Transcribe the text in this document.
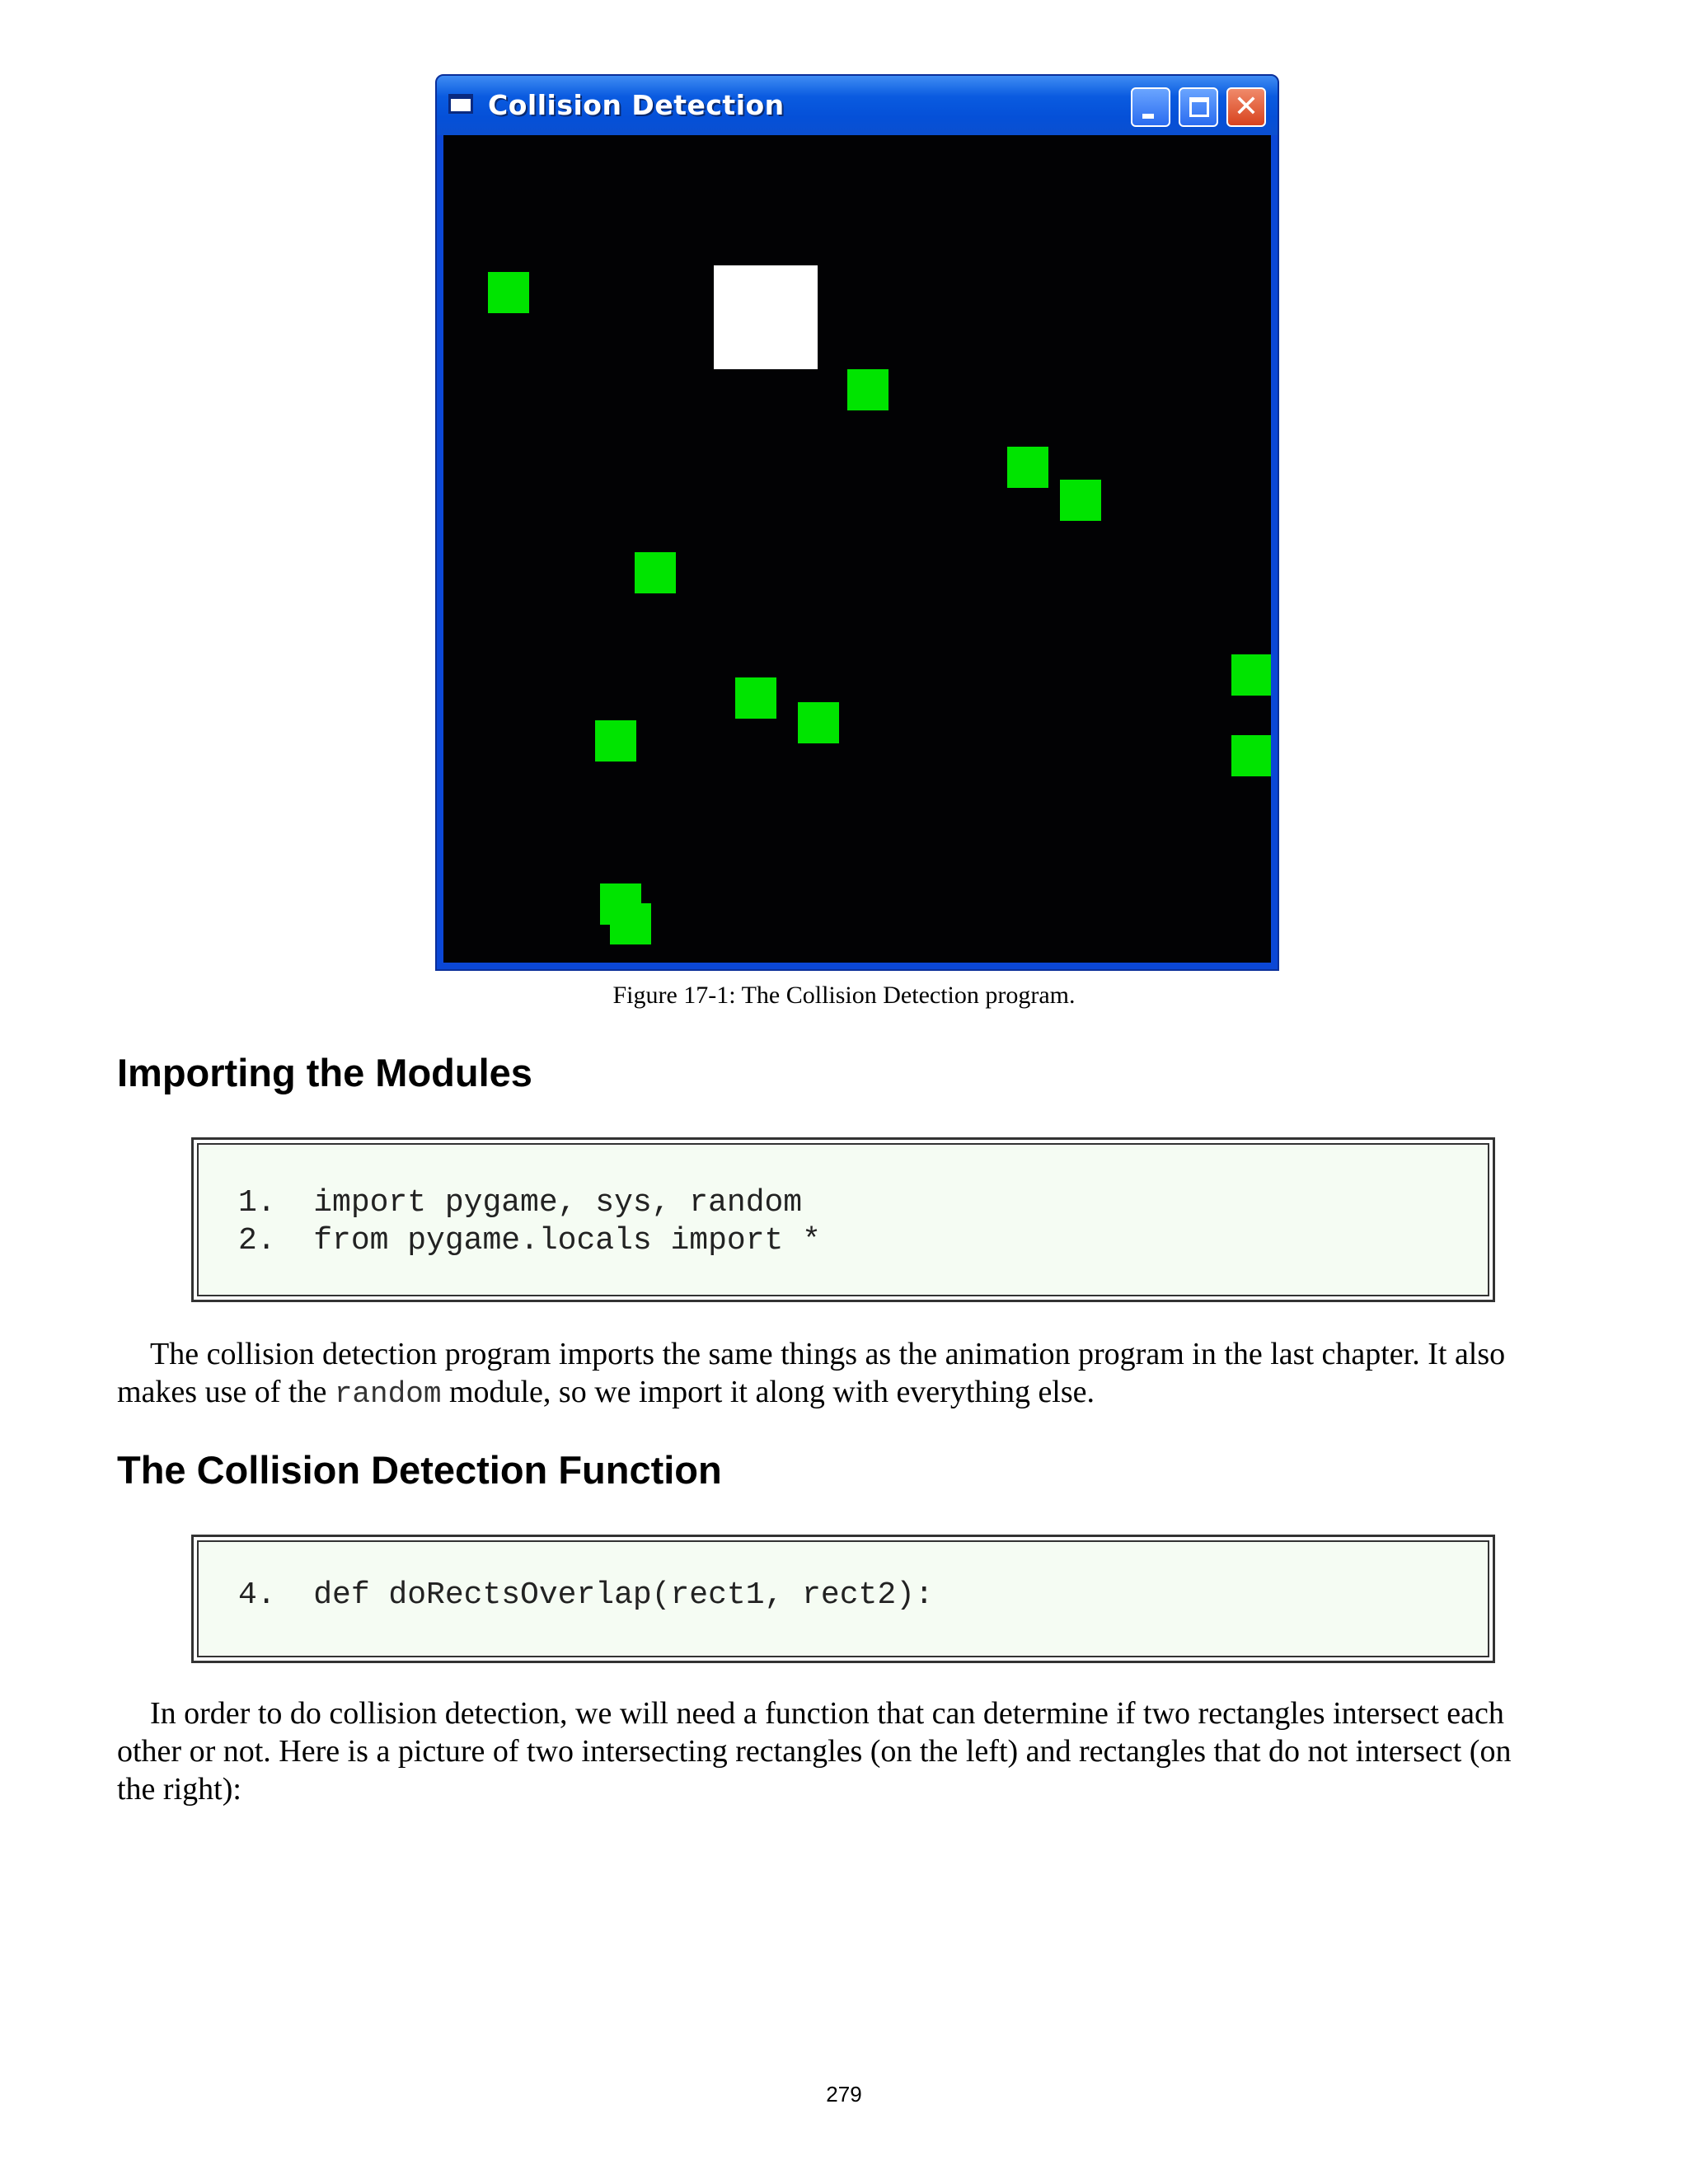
Collision Detection	✕
Figure 17-1: The Collision Detection program.
Importing the Modules
1.  import pygame, sys, random
2.  from pygame.locals import *

The collision detection program imports the same things as the animation program in the last chapter. It also makes use of the random module, so we import it along with everything else.

The Collision Detection Function
4.  def doRectsOverlap(rect1, rect2):

In order to do collision detection, we will need a function that can determine if two rectangles intersect each other or not. Here is a picture of two intersecting rectangles (on the left) and rectangles that do not intersect (on the right):

279
